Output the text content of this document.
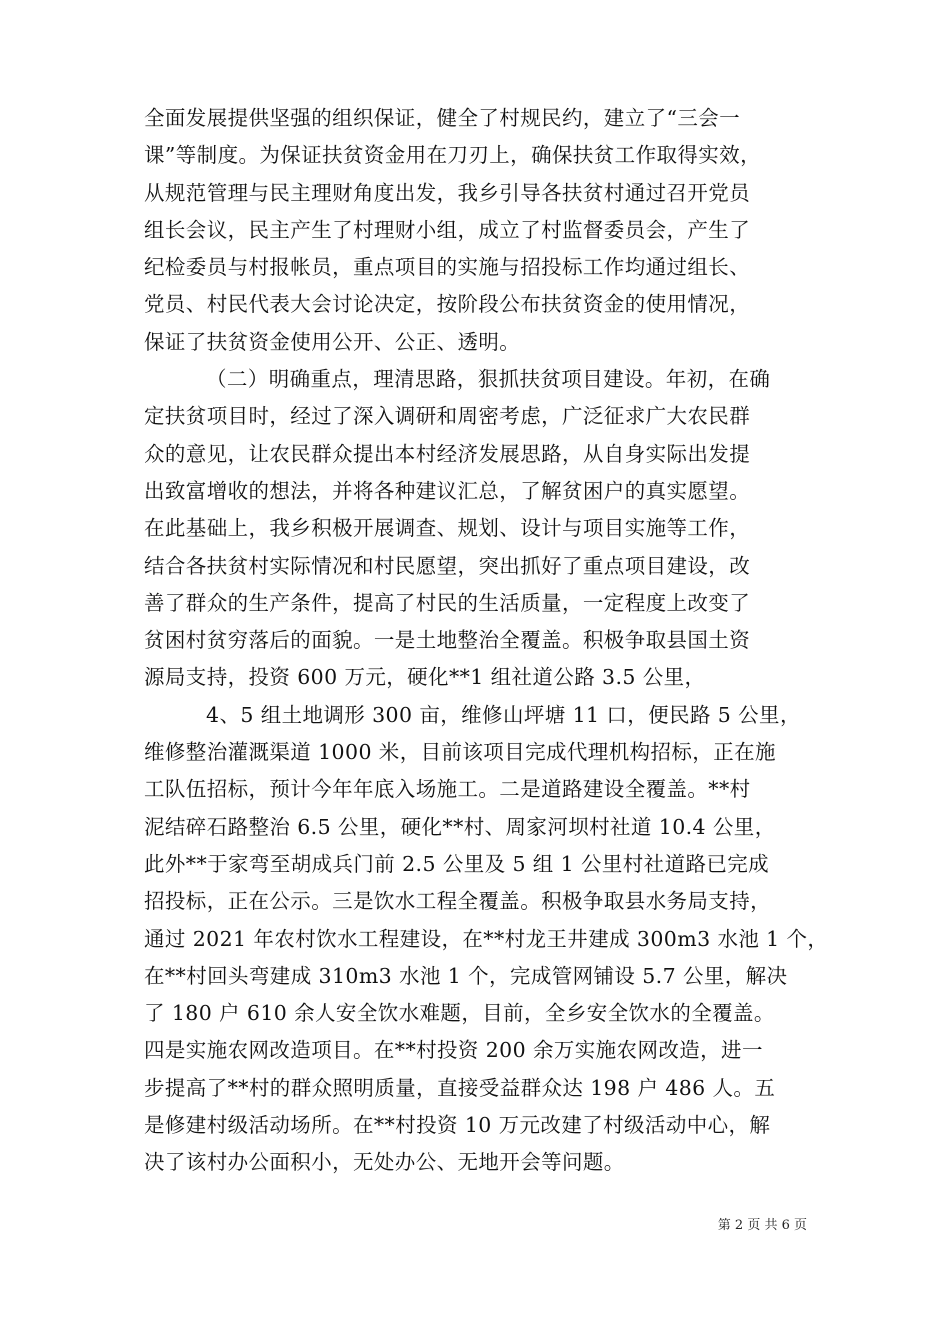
全面发展提供坚强的组织保证，健全了村规民约，建立了“三会一
课”等制度。为保证扶贫资金用在刀刃上，确保扶贫工作取得实效，
从规范管理与民主理财角度出发，我乡引导各扶贫村通过召开党员
组长会议，民主产生了村理财小组，成立了村监督委员会，产生了
纪检委员与村报帐员，重点项目的实施与招投标工作均通过组长、
党员、村民代表大会讨论决定，按阶段公布扶贫资金的使用情况，
保证了扶贫资金使用公开、公正、透明。
（二）明确重点，理清思路，狠抓扶贫项目建设。年初，在确
定扶贫项目时，经过了深入调研和周密考虑，广泛征求广大农民群
众的意见，让农民群众提出本村经济发展思路，从自身实际出发提
出致富增收的想法，并将各种建议汇总，了解贫困户的真实愿望。
在此基础上，我乡积极开展调查、规划、设计与项目实施等工作，
结合各扶贫村实际情况和村民愿望，突出抓好了重点项目建设，改
善了群众的生产条件，提高了村民的生活质量，一定程度上改变了
贫困村贫穷落后的面貌。一是土地整治全覆盖。积极争取县国土资
源局支持，投资 600 万元，硬化**1 组社道公路 3.5 公里，
4、5 组土地调形 300 亩，维修山坪塘 11 口，便民路 5 公里，
维修整治灌溉渠道 1000 米，目前该项目完成代理机构招标，正在施
工队伍招标，预计今年年底入场施工。二是道路建设全覆盖。**村
泥结碎石路整治 6.5 公里，硬化**村、周家河坝村社道 10.4 公里，
此外**于家弯至胡成兵门前 2.5 公里及 5 组 1 公里村社道路已完成
招投标，正在公示。三是饮水工程全覆盖。积极争取县水务局支持，
通过 2021 年农村饮水工程建设，在**村龙王井建成 300m3 水池 1 个，
在**村回头弯建成 310m3 水池 1 个，完成管网铺设 5.7 公里，解决
了 180 户 610 余人安全饮水难题，目前，全乡安全饮水的全覆盖。
四是实施农网改造项目。在**村投资 200 余万实施农网改造，进一
步提高了**村的群众照明质量，直接受益群众达 198 户 486 人。五
是修建村级活动场所。在**村投资 10 万元改建了村级活动中心，解
决了该村办公面积小，无处办公、无地开会等问题。
第 2 页 共 6 页
